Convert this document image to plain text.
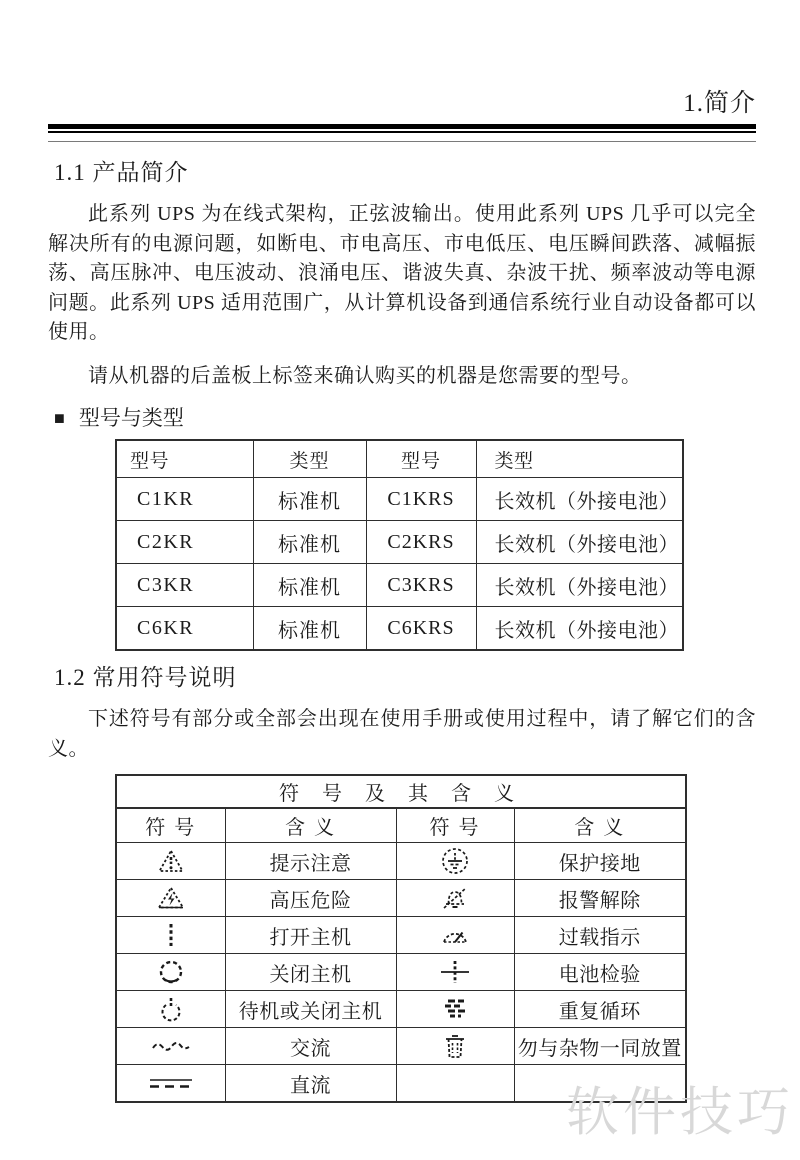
1.简介
1.1 产品简介

此系列 UPS 为在线式架构，正弦波输出。使用此系列 UPS 几乎可以完全解决所有的电源问题，如断电、市电高压、市电低压、电压瞬间跌落、减幅振荡、高压脉冲、电压波动、浪涌电压、谐波失真、杂波干扰、频率波动等电源问题。此系列 UPS 适用范围广，从计算机设备到通信系统行业自动设备都可以使用。

请从机器的后盖板上标签来确认购买的机器是您需要的型号。

■ 型号与类型
型号	类型	型号	类型
C1KR	标准机	C1KRS	长效机（外接电池）
C2KR	标准机	C2KRS	长效机（外接电池）
C3KR	标准机	C3KRS	长效机（外接电池）
C6KR	标准机	C6KRS	长效机（外接电池）
1.2 常用符号说明

下述符号有部分或全部会出现在使用手册或使用过程中，请了解它们的含义。

符 号 及 其 含 义			
符 号	含 义	符 号	含 义

	提示注意		保护接地

	高压危险		报警解除

	打开主机		过载指示

	关闭主机		电池检验

	待机或关闭主机		重复循环

	交流		勿与杂物一同放置

	直流			软件技巧
